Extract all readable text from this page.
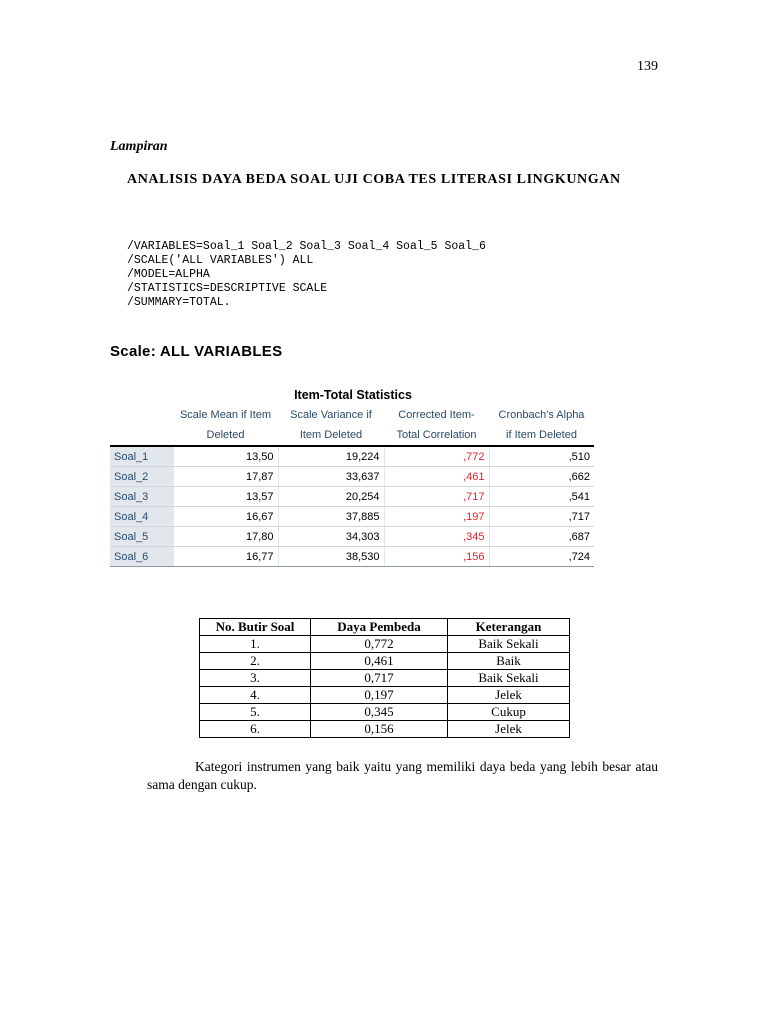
139
Lampiran
ANALISIS DAYA BEDA SOAL UJI COBA TES LITERASI LINGKUNGAN
/VARIABLES=Soal_1 Soal_2 Soal_3 Soal_4 Soal_5 Soal_6
/SCALE('ALL VARIABLES') ALL
/MODEL=ALPHA
/STATISTICS=DESCRIPTIVE SCALE
/SUMMARY=TOTAL.
Scale: ALL VARIABLES
Item-Total Statistics
	Scale Mean if Item	Scale Variance if	Corrected Item-	Cronbach's Alpha
	Deleted	Item Deleted	Total Correlation	if Item Deleted
Soal_1	13,50	19,224	,772	,510
Soal_2	17,87	33,637	,461	,662
Soal_3	13,57	20,254	,717	,541
Soal_4	16,67	37,885	,197	,717
Soal_5	17,80	34,303	,345	,687
Soal_6	16,77	38,530	,156	,724
No. Butir Soal	Daya Pembeda	Keterangan
1.	0,772	Baik Sekali
2.	0,461	Baik
3.	0,717	Baik Sekali
4.	0,197	Jelek
5.	0,345	Cukup
6.	0,156	Jelek

Kategori instrumen yang baik yaitu yang memiliki daya beda yang lebih besar atau sama dengan cukup.
